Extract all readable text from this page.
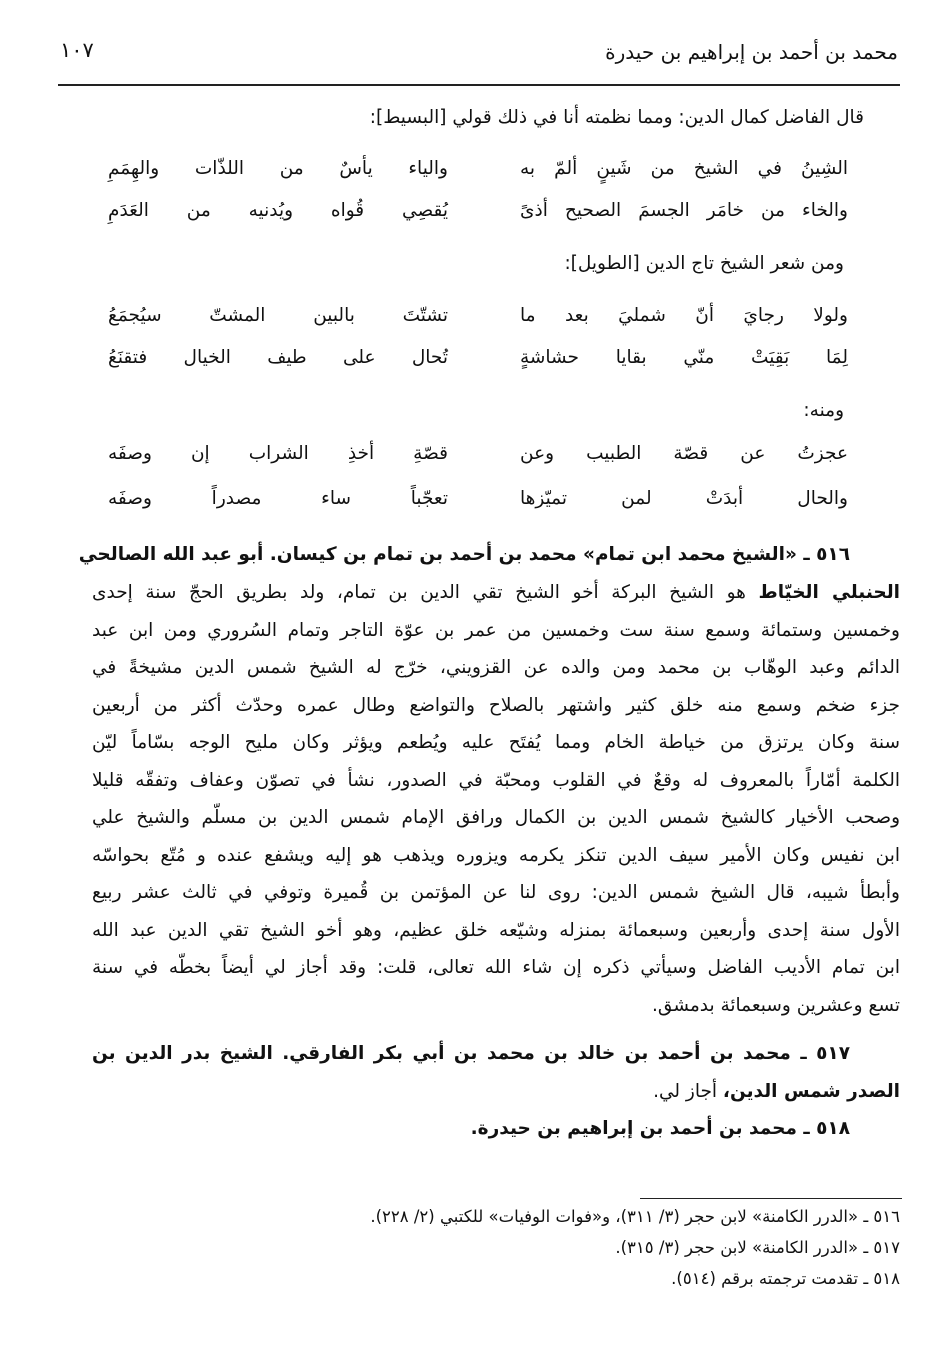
١٠٧	محمد بن أحمد بن إبراهيم بن حيدرة
قال الفاضل كمال الدين: ومما نظمته أنا في ذلك قولي [البسيط]:
الشِينُ في الشيخ من شَينٍ ألمّ به
والياء يأسٌ من اللذّات والهِمَمِ
والخاء من خامَر الجسمَ الصحيح أذىً
يُقصِي قُواه ويُدنيه من العَدَمِ
ومن شعر الشيخ تاج الدين [الطويل]:
ولولا رجايَ أنّ شمليَ بعد ما
تشتّتَ بالبين المشتّ سيُجمَعُ
لِمَا بَقِيَتْ منّي بقايا حشاشةٍ
تُحال على طيف الخيال فتقنَعُ
ومنه:
عجزتُ عن قصّة الطبيب وعن
قصّةِ أخذِ الشراب إن وصفَه
والحال أبدَتْ لمن تميّزها
تعجّباً ساء مصدراً وصفَه
٥١٦ ـ «الشيخ محمد ابن تمام» محمد بن أحمد بن تمام بن كيسان. أبو عبد الله الصالحي
الحنبلي الخيّاط هو الشيخ البركة أخو الشيخ تقي الدين بن تمام، ولد بطريق الحجّ سنة إحدى
وخمسين وستمائة وسمع سنة ست وخمسين من عمر بن عوّة التاجر وتمام السُروري ومن ابن عبد
الدائم وعبد الوهّاب بن محمد ومن والده عن القزويني، خرّج له الشيخ شمس الدين مشيخةً في
جزء ضخم وسمع منه خلق كثير واشتهر بالصلاح والتواضع وطال عمره وحدّث أكثر من أربعين
سنة وكان يرتزق من خياطة الخام ومما يُفتَح عليه ويُطعم ويؤثر وكان مليح الوجه بسّاماً ليّن
الكلمة أمّاراً بالمعروف له وقعٌ في القلوب ومحبّة في الصدور، نشأ في تصوّن وعفاف وتفقّه قليلا
وصحب الأخيار كالشيخ شمس الدين بن الكمال ورافق الإمام شمس الدين بن مسلّم والشيخ علي
ابن نفيس وكان الأمير سيف الدين تنكز يكرمه ويزوره ويذهب هو إليه ويشفع عنده و مُتّع بحواسّه
وأبطأ شيبه، قال الشيخ شمس الدين: روى لنا عن المؤتمن بن قُميرة وتوفي في ثالث عشر ربيع
الأول سنة إحدى وأربعين وسبعمائة بمنزله وشيّعه خلق عظيم، وهو أخو الشيخ تقي الدين عبد الله
ابن تمام الأديب الفاضل وسيأتي ذكره إن شاء الله تعالى، قلت: وقد أجاز لي أيضاً بخطّه في سنة
تسع وعشرين وسبعمائة بدمشق.
٥١٧ ـ محمد بن أحمد بن خالد بن محمد بن أبي بكر الفارقي. الشيخ بدر الدين بن
الصدر شمس الدين، أجاز لي.
٥١٨ ـ محمد بن أحمد بن إبراهيم بن حيدرة.
٥١٦ ـ «الدرر الكامنة» لابن حجر (٣/ ٣١١)، و«فوات الوفيات» للكتبي (٢/ ٢٢٨).
٥١٧ ـ «الدرر الكامنة» لابن حجر (٣/ ٣١٥).
٥١٨ ـ تقدمت ترجمته برقم (٥١٤).
